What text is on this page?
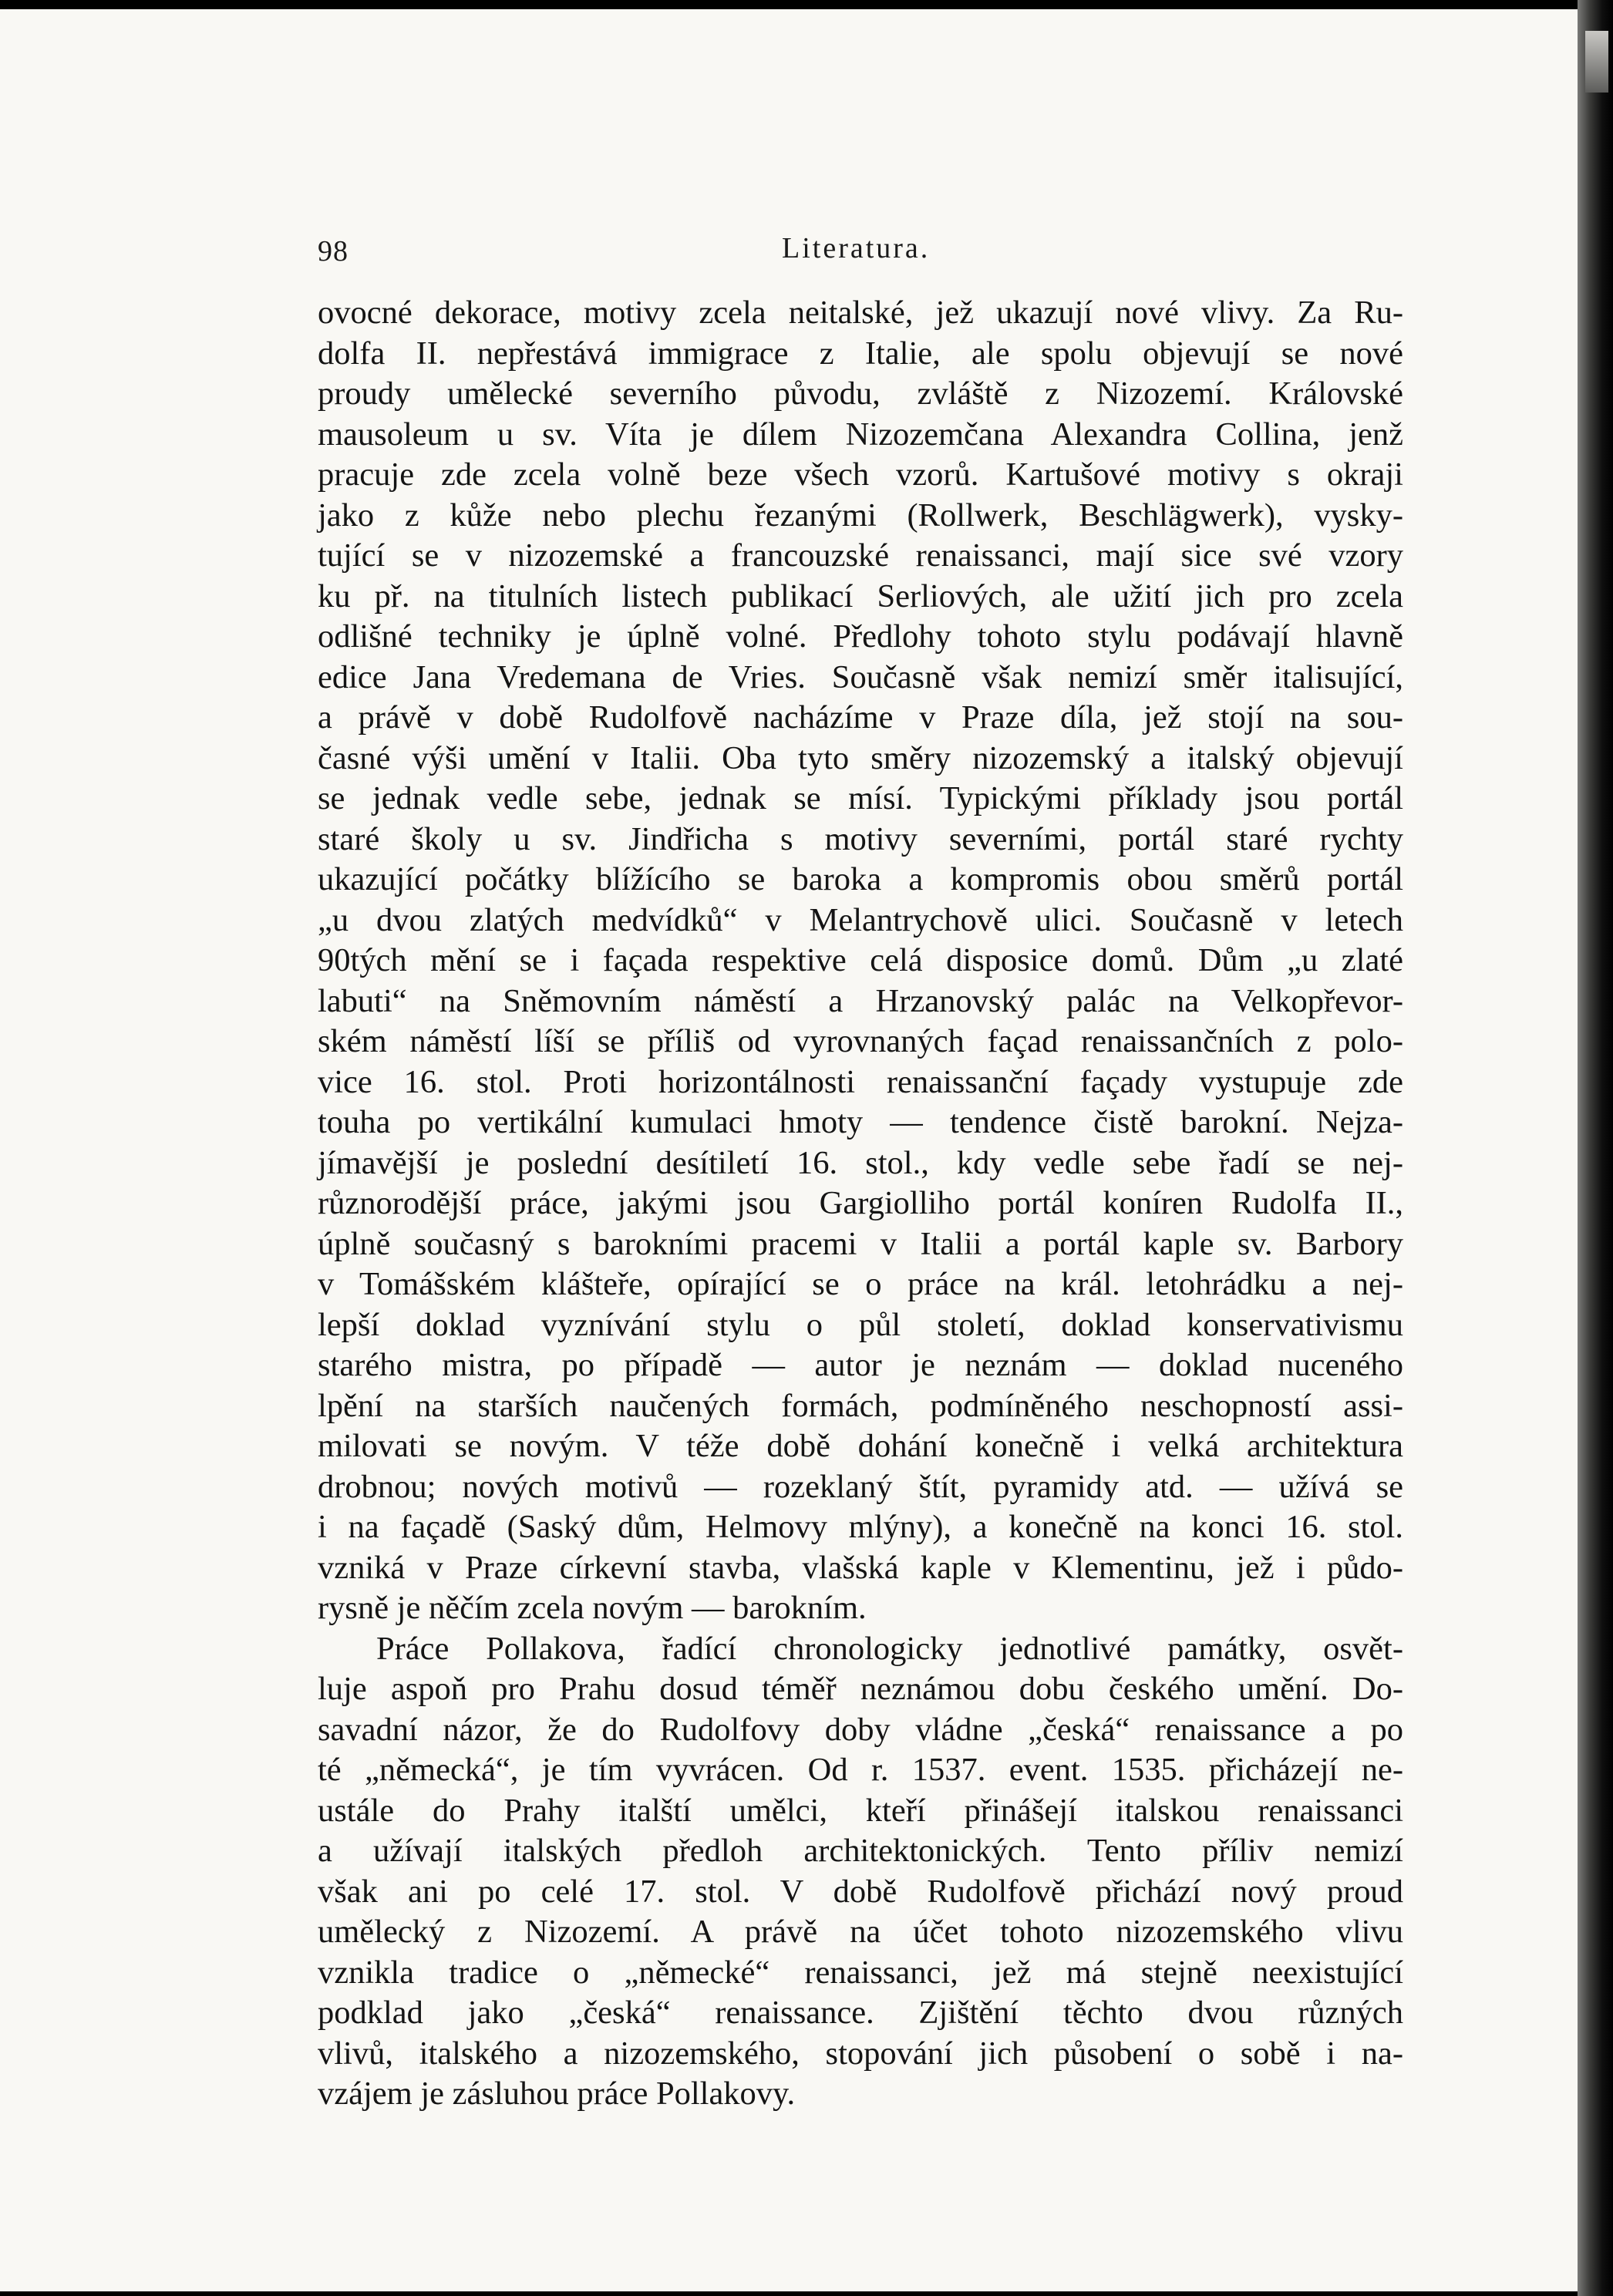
98	Literatura.
ovocné dekorace, motivy zcela neitalské, jež ukazují nové vlivy. Za Ru-
dolfa II. nepřestává immigrace z Italie, ale spolu objevují se nové
proudy umělecké severního původu, zvláště z Nizozemí. Královské
mausoleum u sv. Víta je dílem Nizozemčana Alexandra Collina, jenž
pracuje zde zcela volně beze všech vzorů. Kartušové motivy s okraji
jako z kůže nebo plechu řezanými (Rollwerk, Beschlägwerk), vysky-
tující se v nizozemské a francouzské renaissanci, mají sice své vzory
ku př. na titulních listech publikací Serliových, ale užití jich pro zcela
odlišné techniky je úplně volné. Předlohy tohoto stylu podávají hlavně
edice Jana Vredemana de Vries. Současně však nemizí směr italisující,
a právě v době Rudolfově nacházíme v Praze díla, jež stojí na sou-
časné výši umění v Italii. Oba tyto směry nizozemský a italský objevují
se jednak vedle sebe, jednak se mísí. Typickými příklady jsou portál
staré školy u sv. Jindřicha s motivy severními, portál staré rychty
ukazující počátky blížícího se baroka a kompromis obou směrů portál
„u dvou zlatých medvídků“ v Melantrychově ulici. Současně v letech
90tých mění se i façada respektive celá disposice domů. Dům „u zlaté
labuti“ na Sněmovním náměstí a Hrzanovský palác na Velkopřevor-
ském náměstí líší se příliš od vyrovnaných façad renaissančních z polo-
vice 16. stol. Proti horizontálnosti renaissanční façady vystupuje zde
touha po vertikální kumulaci hmoty — tendence čistě barokní. Nejza-
jímavější je poslední desítiletí 16. stol., kdy vedle sebe řadí se nej-
různorodější práce, jakými jsou Gargiolliho portál koníren Rudolfa II.,
úplně současný s barokními pracemi v Italii a portál kaple sv. Barbory
v Tomášském klášteře, opírající se o práce na král. letohrádku a nej-
lepší doklad vyznívání stylu o půl století, doklad konservativismu
starého mistra, po případě — autor je neznám — doklad nuceného
lpění na starších naučených formách, podmíněného neschopností assi-
milovati se novým. V téže době dohání konečně i velká architektura
drobnou; nových motivů — rozeklaný štít, pyramidy atd. — užívá se
i na façadě (Saský dům, Helmovy mlýny), a konečně na konci 16. stol.
vzniká v Praze církevní stavba, vlašská kaple v Klementinu, jež i půdo-
rysně je něčím zcela novým — barokním.
Práce Pollakova, řadící chronologicky jednotlivé památky, osvět-
luje aspoň pro Prahu dosud téměř neznámou dobu českého umění. Do-
savadní názor, že do Rudolfovy doby vládne „česká“ renaissance a po
té „německá“, je tím vyvrácen. Od r. 1537. event. 1535. přicházejí ne-
ustále do Prahy italští umělci, kteří přinášejí italskou renaissanci
a užívají italských předloh architektonických. Tento příliv nemizí
však ani po celé 17. stol. V době Rudolfově přichází nový proud
umělecký z Nizozemí. A právě na účet tohoto nizozemského vlivu
vznikla tradice o „německé“ renaissanci, jež má stejně neexistující
podklad jako „česká“ renaissance. Zjištění těchto dvou různých
vlivů, italského a nizozemského, stopování jich působení o sobě i na-
vzájem je zásluhou práce Pollakovy.
